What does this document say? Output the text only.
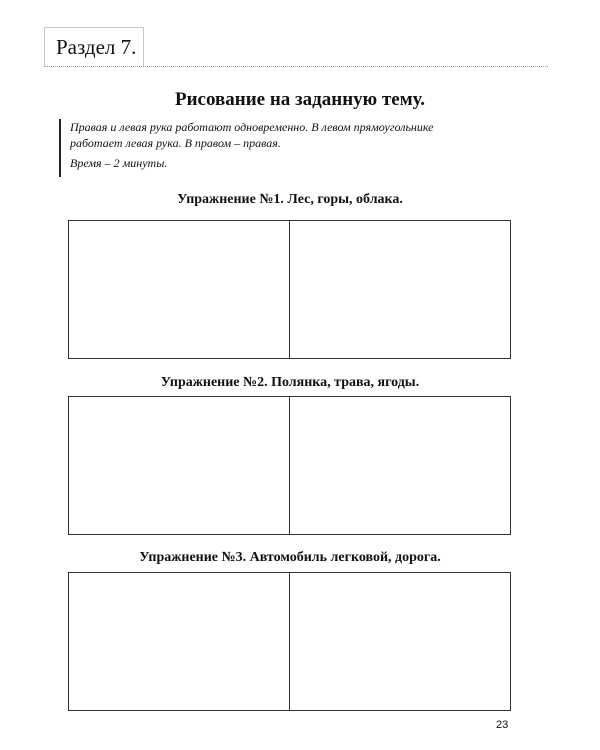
Раздел 7.
Рисование на заданную тему.

Правая и левая рука работают одновременно. В левом прямоугольнике

работает левая рука. В правом – правая.

Время – 2 минуты.

Упражнение №1. Лес, горы, облака.
Упражнение №2. Полянка, трава, ягоды.
Упражнение №3. Автомобиль легковой, дорога.
23
